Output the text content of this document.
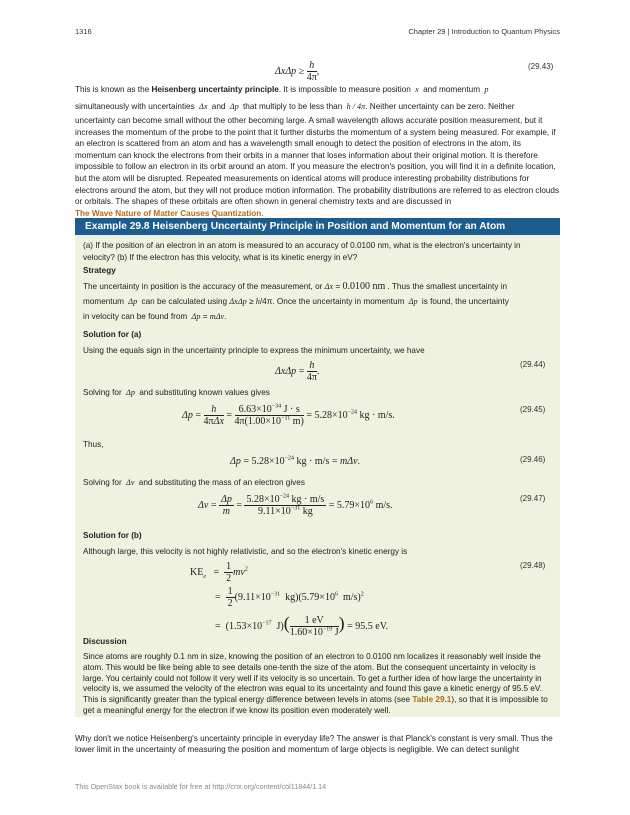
1316	Chapter 29 | Introduction to Quantum Physics
$\Delta x\Delta p \ge \frac{h}{4\pi}$ ,	(29.43)
This is known as the Heisenberg uncertainty principle. It is impossible to measure position  x  and momentum  p
simultaneously with uncertainties  Δx  and  Δp  that multiply to be less than  h / 4π. Neither uncertainty can be zero. Neither
uncertainty can become small without the other becoming large. A small wavelength allows accurate position measurement, but it increases the momentum of the probe to the point that it further disturbs the momentum of a system being measured. For example, if an electron is scattered from an atom and has a wavelength small enough to detect the position of electrons in the atom, its momentum can knock the electrons from their orbits in a manner that loses information about their original motion. It is therefore impossible to follow an electron in its orbit around an atom. If you measure the electron's position, you will find it in a definite location, but the atom will be disrupted. Repeated measurements on identical atoms will produce interesting probability distributions for electrons around the atom, but they will not produce motion information. The probability distributions are referred to as electron clouds or orbitals. The shapes of these orbitals are often shown in general chemistry texts and are discussed in
The Wave Nature of Matter Causes Quantization.
Example 29.8 Heisenberg Uncertainty Principle in Position and Momentum for an Atom
(a) If the position of an electron in an atom is measured to an accuracy of 0.0100 nm, what is the electron's uncertainty in velocity? (b) If the electron has this velocity, what is its kinetic energy in eV?
Strategy
The uncertainty in position is the accuracy of the measurement, or Δx = 0.0100 nm . Thus the smallest uncertainty in
momentum  Δp  can be calculated using ΔxΔp ≥ h/4π. Once the uncertainty in momentum  Δp  is found, the uncertainty
in velocity can be found from  Δp = mΔv.
Solution for (a)
Using the equals sign in the uncertainty principle to express the minimum uncertainty, we have
$\Delta x\Delta p = \frac{h}{4\pi}$ .
(29.44)
Solving for  Δp  and substituting known values gives
$\Delta p = \frac{h}{\text{4πΔx}} = \frac{6.63\times 10^{-34} J \cdot s}{4\pi(1.00\times 10^{-11} m)} = 5.28\times 10^{-24}$ kg · m/s.
(29.45)
Thus,
$\Delta p = 5.28\times 10^{-24}$ kg · m/s = mΔv.	(29.46)
Solving for  Δv  and substituting the mass of an electron gives
$\Delta v = \frac{\Delta p}{m} = \frac{5.28\times 10^{-24} kg \cdot m/s}{9.11\times 10^{-31} kg} = 5.79\times 10^6$ m/s.
(29.47)
Solution for (b)
Although large, this velocity is not highly relativistic, and so the electron's kinetic energy is
$KE_e = \frac{1}{2} mv^2$
= $\frac{1}{2} (9.11\times 10^{-31}$  $kg)(5.79\times 10^6$  m/s)$^2$
=  ($1.53\times 10^{-17}$  $J)( \frac{1 eV}{1.60\times 10^{-19} J}$ ) = 95.5 eV.
(29.48)
Discussion
Since atoms are roughly 0.1 nm in size, knowing the position of an electron to 0.0100 nm localizes it reasonably well inside the atom. This would be like being able to see details one-tenth the size of the atom. But the consequent uncertainty in velocity is large. You certainly could not follow it very well if its velocity is so uncertain. To get a further idea of how large the uncertainty in velocity is, we assumed the velocity of the electron was equal to its uncertainty and found this gave a kinetic energy of 95.5 eV. This is significantly greater than the typical energy difference between levels in atoms (see Table 29.1), so that it is impossible to get a meaningful energy for the electron if we know its position even moderately well.
Why don't we notice Heisenberg's uncertainty principle in everyday life? The answer is that Planck's constant is very small. Thus the lower limit in the uncertainty of measuring the position and momentum of large objects is negligible. We can detect sunlight
This OpenStax book is available for free at http://cnx.org/content/col11844/1.14
